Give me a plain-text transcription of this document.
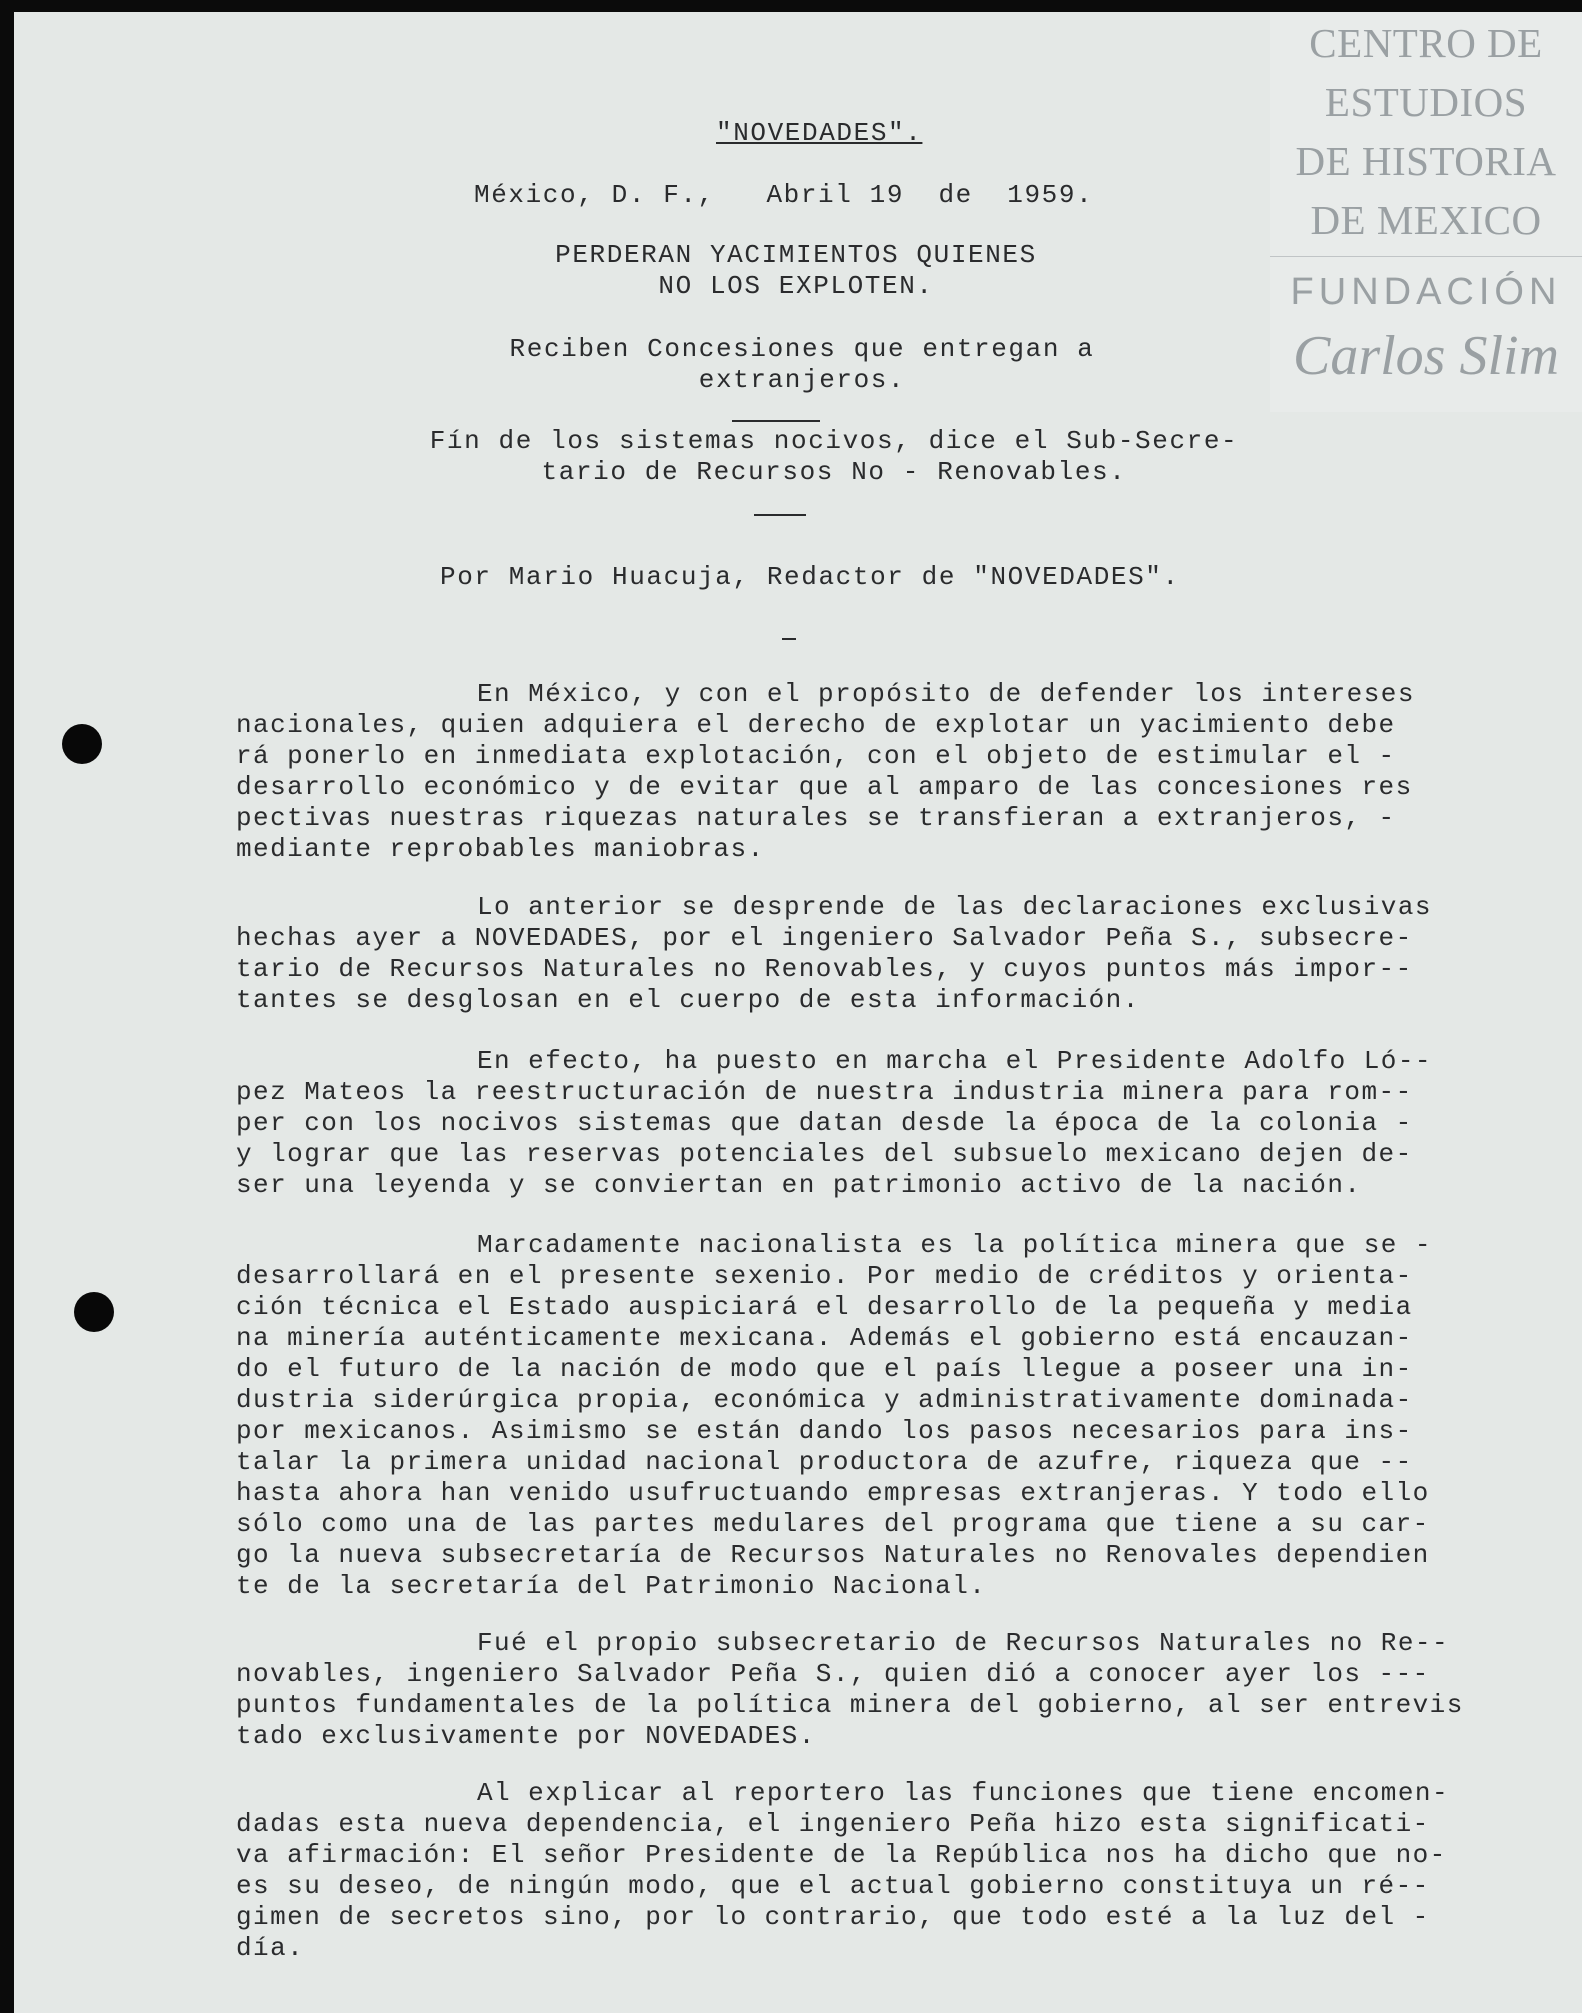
CENTRO DE
ESTUDIOS
DE HISTORIA
DE MEXICO
FUNDACIÓN
Carlos Slim
"NOVEDADES".
México, D. F.,   Abril 19  de  1959.
PERDERAN YACIMIENTOS QUIENES
NO LOS EXPLOTEN.
Reciben Concesiones que entregan a
extranjeros.
Fín de los sistemas nocivos, dice el Sub-Secre-
tario de Recursos No - Renovables.
Por Mario Huacuja, Redactor de "NOVEDADES".
En México, y con el propósito de defender los intereses
nacionales, quien adquiera el derecho de explotar un yacimiento debe
rá ponerlo en inmediata explotación, con el objeto de estimular el -
desarrollo económico y de evitar que al amparo de las concesiones res
pectivas nuestras riquezas naturales se transfieran a extranjeros, -
mediante reprobables maniobras.
Lo anterior se desprende de las declaraciones exclusivas
hechas ayer a NOVEDADES, por el ingeniero Salvador Peña S., subsecre-
tario de Recursos Naturales no Renovables, y cuyos puntos más impor--
tantes se desglosan en el cuerpo de esta información.
En efecto, ha puesto en marcha el Presidente Adolfo Ló--
pez Mateos la reestructuración de nuestra industria minera para rom--
per con los nocivos sistemas que datan desde la época de la colonia -
y lograr que las reservas potenciales del subsuelo mexicano dejen de-
ser una leyenda y se conviertan en patrimonio activo de la nación.
Marcadamente nacionalista es la política minera que se -
desarrollará en el presente sexenio. Por medio de créditos y orienta-
ción técnica el Estado auspiciará el desarrollo de la pequeña y media
na minería auténticamente mexicana. Además el gobierno está encauzan-
do el futuro de la nación de modo que el país llegue a poseer una in-
dustria siderúrgica propia, económica y administrativamente dominada-
por mexicanos. Asimismo se están dando los pasos necesarios para ins-
talar la primera unidad nacional productora de azufre, riqueza que --
hasta ahora han venido usufructuando empresas extranjeras. Y todo ello
sólo como una de las partes medulares del programa que tiene a su car-
go la nueva subsecretaría de Recursos Naturales no Renovales dependien
te de la secretaría del Patrimonio Nacional.
Fué el propio subsecretario de Recursos Naturales no Re--
novables, ingeniero Salvador Peña S., quien dió a conocer ayer los ---
puntos fundamentales de la política minera del gobierno, al ser entrevis
tado exclusivamente por NOVEDADES.
Al explicar al reportero las funciones que tiene encomen-
dadas esta nueva dependencia, el ingeniero Peña hizo esta significati-
va afirmación: El señor Presidente de la República nos ha dicho que no-
es su deseo, de ningún modo, que el actual gobierno constituya un ré--
gimen de secretos sino, por lo contrario, que todo esté a la luz del -
día.
